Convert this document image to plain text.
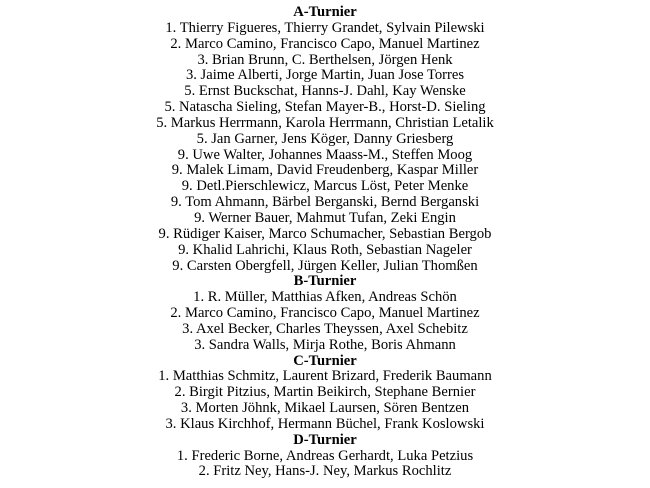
A-Turnier
1. Thierry Figueres, Thierry Grandet, Sylvain Pilewski
2. Marco Camino, Francisco Capo, Manuel Martinez
3. Brian Brunn, C. Berthelsen, Jörgen Henk
3. Jaime Alberti, Jorge Martin, Juan Jose Torres
5. Ernst Buckschat, Hanns-J. Dahl, Kay Wenske
5. Natascha Sieling, Stefan Mayer-B., Horst-D. Sieling
5. Markus Herrmann, Karola Herrmann, Christian Letalik
5. Jan Garner, Jens Köger, Danny Griesberg
9. Uwe Walter, Johannes Maass-M., Steffen Moog
9. Malek Limam, David Freudenberg, Kaspar Miller
9. Detl.Pierschlewicz, Marcus Löst, Peter Menke
9. Tom Ahmann, Bärbel Berganski, Bernd Berganski
9. Werner Bauer, Mahmut Tufan, Zeki Engin
9. Rüdiger Kaiser, Marco Schumacher, Sebastian Bergob
9. Khalid Lahrichi, Klaus Roth, Sebastian Nageler
9. Carsten Obergfell, Jürgen Keller, Julian Thomßen
B-Turnier
1. R. Müller, Matthias Afken, Andreas Schön
2. Marco Camino, Francisco Capo, Manuel Martinez
3. Axel Becker, Charles Theyssen, Axel Schebitz
3. Sandra Walls, Mirja Rothe, Boris Ahmann
C-Turnier
1. Matthias Schmitz, Laurent Brizard, Frederik Baumann
2. Birgit Pitzius, Martin Beikirch, Stephane Bernier
3. Morten Jöhnk, Mikael Laursen, Sören Bentzen
3. Klaus Kirchhof, Hermann Büchel, Frank Koslowski
D-Turnier
1. Frederic Borne, Andreas Gerhardt, Luka Petzius
2. Fritz Ney, Hans-J. Ney, Markus Rochlitz
